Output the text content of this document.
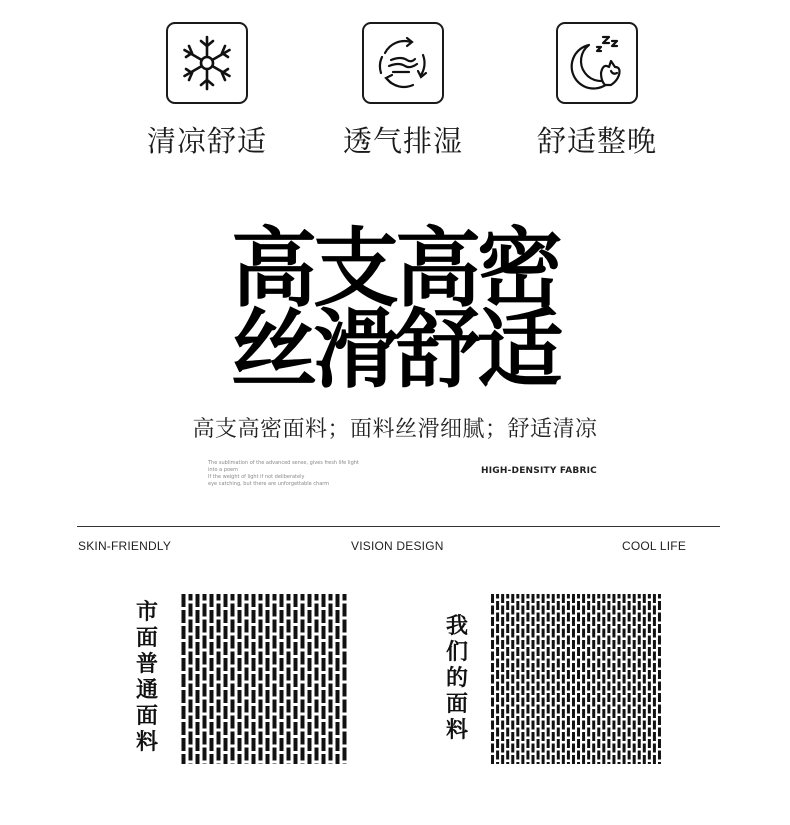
清凉舒适	透气排湿	舒适整晚
高支高密
丝滑舒适
高支高密面料；面料丝滑细腻；舒适清凉
The sublimation of the advanced sense, gives fresh life light
into a poem
If the weight of light if not deliberately
eye catching, but there are unforgettable charm
HIGH-DENSITY FABRIC
SKIN-FRIENDLY	VISION DESIGN	COOL LIFE
市
面
普
通
面
料
我
们
的
面
料
